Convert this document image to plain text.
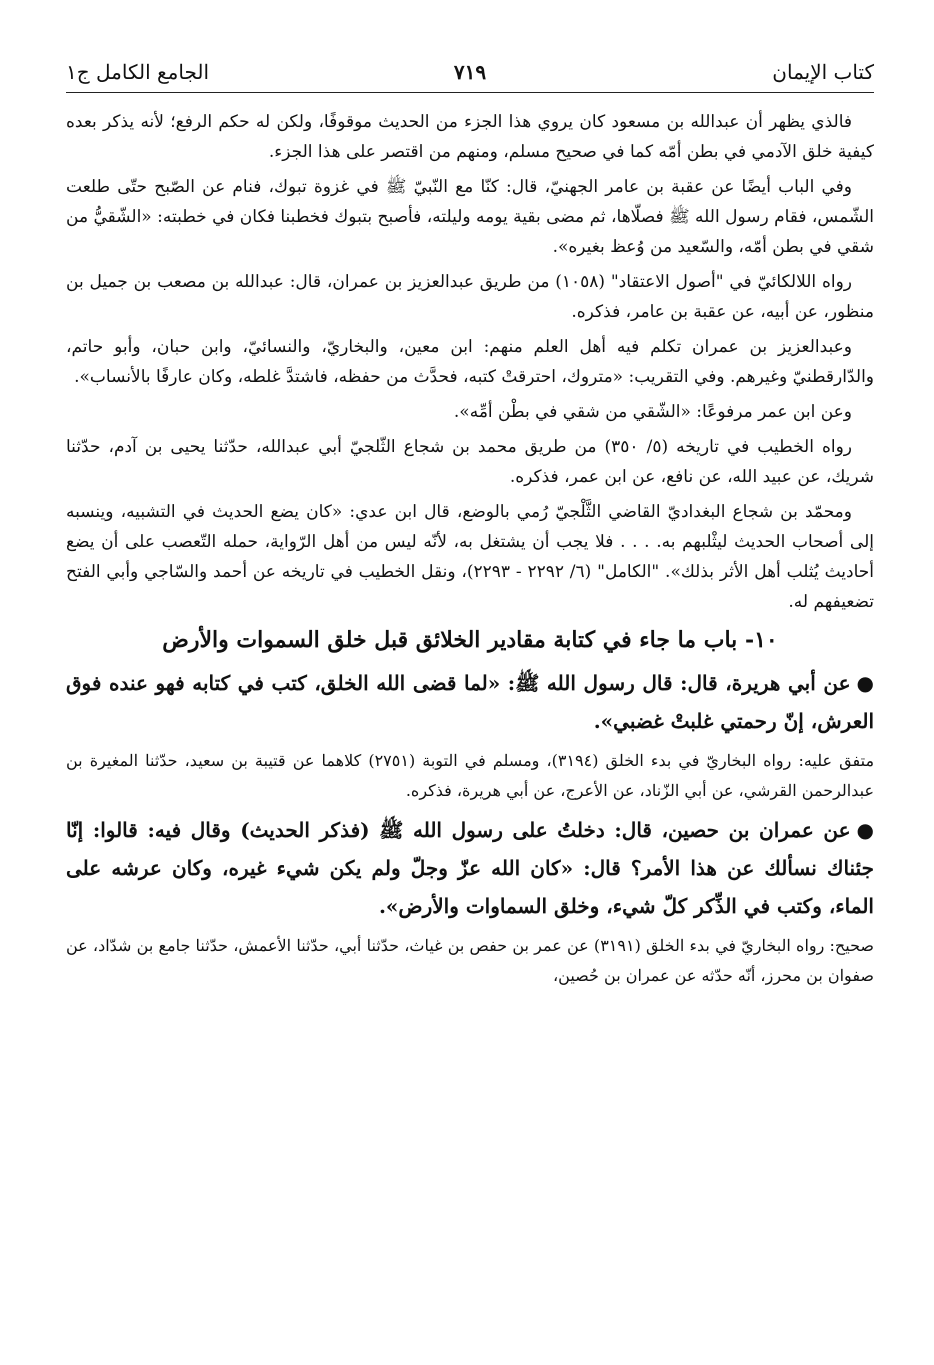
٧١٩	كتاب الإيمان
الجامع الكامل ج١

فالذي يظهر أن عبدالله بن مسعود كان يروي هذا الجزء من الحديث موقوفًا، ولكن له حكم الرفع؛ لأنه يذكر بعده كيفية خلق الآدمي في بطن أمّه كما في صحيح مسلم، ومنهم من اقتصر على هذا الجزء.

وفي الباب أيضًا عن عقبة بن عامر الجهنيّ، قال: كنّا مع النّبيّ ﷺ في غزوة تبوك، فنام عن الصّبح حتّى طلعت الشّمس، فقام رسول الله ﷺ فصلّاها، ثم مضى بقية يومه وليلته، فأصبح بتبوك فخطبنا فكان في خطبته: «الشّقيُّ من شقي في بطن أمّه، والسّعيد من وُعظ بغيره».

رواه اللالكائيّ في "أصول الاعتقاد" (١٠٥٨) من طريق عبدالعزيز بن عمران، قال: عبدالله بن مصعب بن جميل بن منظور، عن أبيه، عن عقبة بن عامر، فذكره.

وعبدالعزيز بن عمران تكلم فيه أهل العلم منهم: ابن معين، والبخاريّ، والنسائيّ، وابن حبان، وأبو حاتم، والدّارقطنيّ وغيرهم. وفي التقريب: «متروك، احترقتْ كتبه، فحدَّث من حفظه، فاشتدَّ غلطه، وكان عارفًا بالأنساب».

وعن ابن عمر مرفوعًا: «الشّقي من شقي في بطْن أمِّه».

رواه الخطيب في تاريخه (٥/ ٣٥٠) من طريق محمد بن شجاع الثّلجيّ أبي عبدالله، حدّثنا يحيى بن آدم، حدّثنا شريك، عن عبيد الله، عن نافع، عن ابن عمر، فذكره.

ومحمّد بن شجاع البغداديّ القاضي الثَّلْجيّ رُمي بالوضع، قال ابن عدي: «كان يضع الحديث في التشبيه، وينسبه إلى أصحاب الحديث ليثْلبهم به. . . . فلا يجب أن يشتغل به، لأنّه ليس من أهل الرّواية، حمله التّعصب على أن يضع أحاديث يُثلب أهل الأثر بذلك». "الكامل" (٦/ ٢٢٩٢ - ٢٢٩٣)، ونقل الخطيب في تاريخه عن أحمد والسّاجي وأبي الفتح تضعيفهم له.

١٠- باب ما جاء في كتابة مقادير الخلائق قبل خلق السموات والأرض

●عن أبي هريرة، قال: قال رسول الله ﷺ: «لما قضى الله الخلق، كتب في كتابه فهو عنده فوق العرش، إنّ رحمتي غلبتْ غضبي».

متفق عليه: رواه البخاريّ في بدء الخلق (٣١٩٤)، ومسلم في التوبة (٢٧٥١) كلاهما عن قتيبة بن سعيد، حدّثنا المغيرة بن عبدالرحمن القرشي، عن أبي الزّناد، عن الأعرج، عن أبي هريرة، فذكره.

●عن عمران بن حصين، قال: دخلتُ على رسول الله ﷺ (فذكر الحديث) وقال فيه: قالوا: إنّا جئناك نسألك عن هذا الأمر؟ قال: «كان الله عزّ وجلّ ولم يكن شيء غيره، وكان عرشه على الماء، وكتب في الذِّكر كلّ شيء، وخلق السماوات والأرض».

صحيح: رواه البخاريّ في بدء الخلق (٣١٩١) عن عمر بن حفص بن غياث، حدّثنا أبي، حدّثنا الأعمش، حدّثنا جامع بن شدّاد، عن صفوان بن محرز، أنّه حدّثه عن عمران بن حُصين،
